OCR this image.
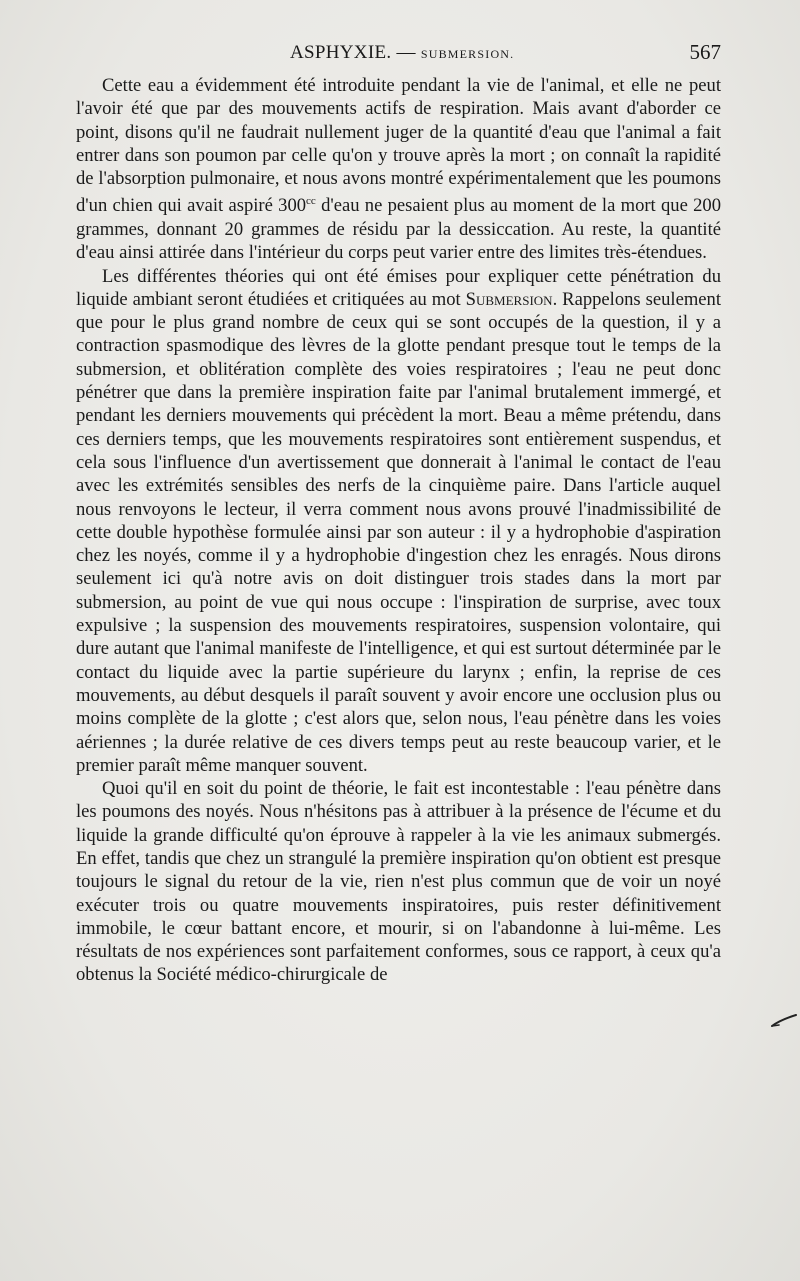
ASPHYXIE. — SUBMERSION.	567

Cette eau a évidemment été introduite pendant la vie de l'animal, et elle ne peut l'avoir été que par des mouvements actifs de respiration. Mais avant d'aborder ce point, disons qu'il ne faudrait nullement juger de la quantité d'eau que l'animal a fait entrer dans son poumon par celle qu'on y trouve après la mort ; on connaît la rapidité de l'absorption pulmonaire, et nous avons montré expérimentalement que les poumons d'un chien qui avait aspiré $300^{cc}$ d'eau ne pesaient plus au moment de la mort que 200 grammes, donnant 20 grammes de résidu par la dessiccation. Au reste, la quantité d'eau ainsi attirée dans l'intérieur du corps peut varier entre des limites très-étendues.

Les différentes théories qui ont été émises pour expliquer cette pénétration du liquide ambiant seront étudiées et critiquées au mot Submersion. Rappelons seulement que pour le plus grand nombre de ceux qui se sont occupés de la question, il y a contraction spasmodique des lèvres de la glotte pendant presque tout le temps de la submersion, et oblitération complète des voies respiratoires ; l'eau ne peut donc pénétrer que dans la première inspiration faite par l'animal brutalement immergé, et pendant les derniers mouvements qui précèdent la mort. Beau a même prétendu, dans ces derniers temps, que les mouvements respiratoires sont entièrement suspendus, et cela sous l'influence d'un avertissement que donnerait à l'animal le contact de l'eau avec les extrémités sensibles des nerfs de la cinquième paire. Dans l'article auquel nous renvoyons le lecteur, il verra comment nous avons prouvé l'inadmissibilité de cette double hypothèse formulée ainsi par son auteur : il y a hydrophobie d'aspiration chez les noyés, comme il y a hydrophobie d'ingestion chez les enragés. Nous dirons seulement ici qu'à notre avis on doit distinguer trois stades dans la mort par submersion, au point de vue qui nous occupe : l'inspiration de surprise, avec toux expulsive ; la suspension des mouvements respiratoires, suspension volontaire, qui dure autant que l'animal manifeste de l'intelligence, et qui est surtout déterminée par le contact du liquide avec la partie supérieure du larynx ; enfin, la reprise de ces mouvements, au début desquels il paraît souvent y avoir encore une occlusion plus ou moins complète de la glotte ; c'est alors que, selon nous, l'eau pénètre dans les voies aériennes ; la durée relative de ces divers temps peut au reste beaucoup varier, et le premier paraît même manquer souvent.

Quoi qu'il en soit du point de théorie, le fait est incontestable : l'eau pénètre dans les poumons des noyés. Nous n'hésitons pas à attribuer à la présence de l'écume et du liquide la grande difficulté qu'on éprouve à rappeler à la vie les animaux submergés. En effet, tandis que chez un strangulé la première inspiration qu'on obtient est presque toujours le signal du retour de la vie, rien n'est plus commun que de voir un noyé exécuter trois ou quatre mouvements inspiratoires, puis rester définitivement immobile, le cœur battant encore, et mourir, si on l'abandonne à lui-même. Les résultats de nos expériences sont parfaitement conformes, sous ce rapport, à ceux qu'a obtenus la Société médico-chirurgicale de
